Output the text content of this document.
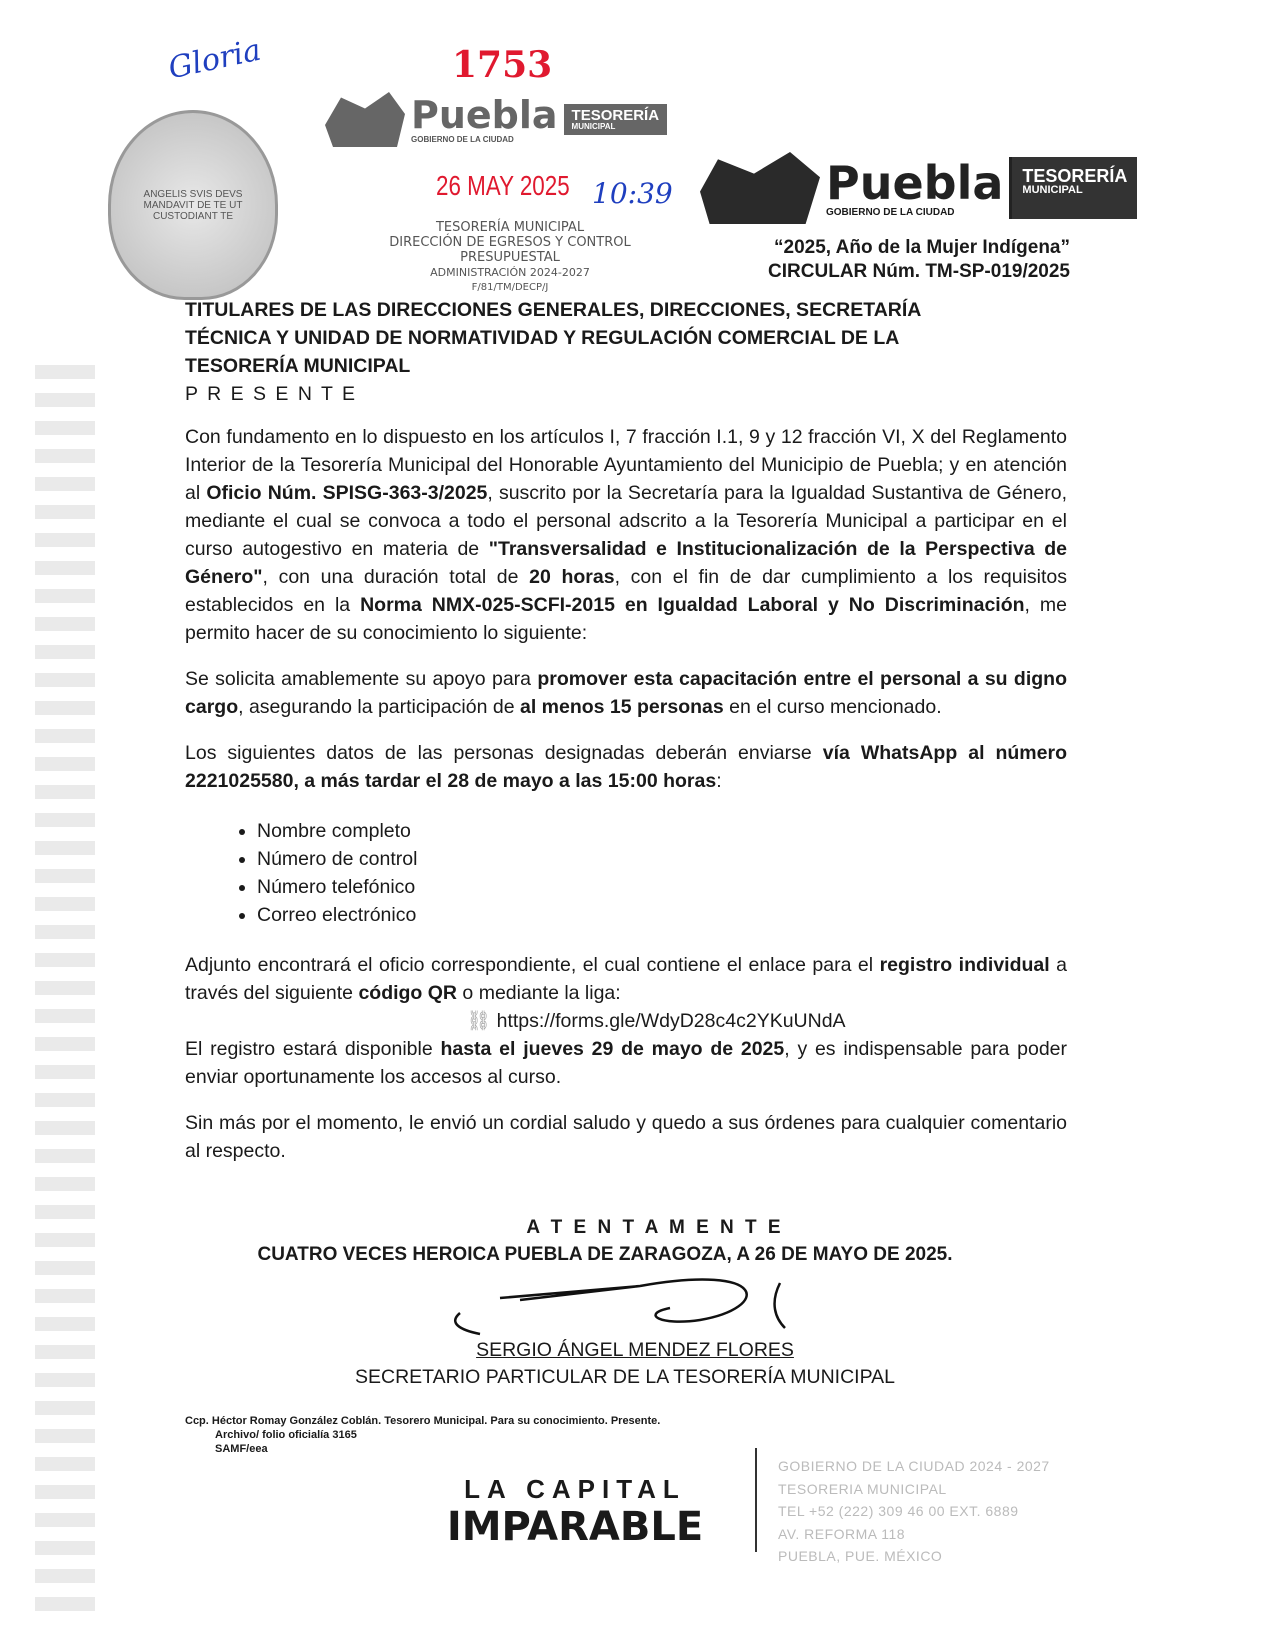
Gloria
ANGELIS SVIS DEVS MANDAVIT DE TE UT CUSTODIANT TE
1753
Puebla
GOBIERNO DE LA CIUDAD
TESORERÍA
MUNICIPAL
26 MAY 2025 10:39
TESORERÍA MUNICIPAL
DIRECCIÓN DE EGRESOS Y CONTROL
PRESUPUESTAL
ADMINISTRACIÓN 2024-2027
F/81/TM/DECP/J
Puebla
GOBIERNO DE LA CIUDAD
TESORERÍA
MUNICIPAL
“2025, Año de la Mujer Indígena”
CIRCULAR Núm. TM-SP-019/2025
TITULARES DE LAS DIRECCIONES GENERALES, DIRECCIONES, SECRETARÍA TÉCNICA Y UNIDAD DE NORMATIVIDAD Y REGULACIÓN COMERCIAL DE LA TESORERÍA MUNICIPAL
P R E S E N T E

Con fundamento en lo dispuesto en los artículos I, 7 fracción I.1, 9 y 12 fracción VI, X del Reglamento Interior de la Tesorería Municipal del Honorable Ayuntamiento del Municipio de Puebla; y en atención al Oficio Núm. SPISG-363-3/2025, suscrito por la Secretaría para la Igualdad Sustantiva de Género, mediante el cual se convoca a todo el personal adscrito a la Tesorería Municipal a participar en el curso autogestivo en materia de "Transversalidad e Institucionalización de la Perspectiva de Género", con una duración total de 20 horas, con el fin de dar cumplimiento a los requisitos establecidos en la Norma NMX-025-SCFI-2015 en Igualdad Laboral y No Discriminación, me permito hacer de su conocimiento lo siguiente:

Se solicita amablemente su apoyo para promover esta capacitación entre el personal a su digno cargo, asegurando la participación de al menos 15 personas en el curso mencionado.

Los siguientes datos de las personas designadas deberán enviarse vía WhatsApp al número 2221025580, a más tardar el 28 de mayo a las 15:00 horas:

• Nombre completo
• Número de control
• Número telefónico
• Correo electrónico

Adjunto encontrará el oficio correspondiente, el cual contiene el enlace para el registro individual a través del siguiente código QR o mediante la liga:

⛓ https://forms.gle/WdyD28c4c2YKuUNdA

El registro estará disponible hasta el jueves 29 de mayo de 2025, y es indispensable para poder enviar oportunamente los accesos al curso.

Sin más por el momento, le envió un cordial saludo y quedo a sus órdenes para cualquier comentario al respecto.

A T E N T A M E N T E
CUATRO VECES HEROICA PUEBLA DE ZARAGOZA, A 26 DE MAYO DE 2025.
SERGIO ÁNGEL MENDEZ FLORES
SECRETARIO PARTICULAR DE LA TESORERÍA MUNICIPAL
Ccp. Héctor Romay González Coblán. Tesorero Municipal. Para su conocimiento. Presente.
Archivo/ folio oficialía 3165
SAMF/eea
LA CAPITAL
IMPARABLE
GOBIERNO DE LA CIUDAD 2024 - 2027
TESORERIA MUNICIPAL
TEL +52 (222) 309 46 00 EXT. 6889
AV. REFORMA 118
PUEBLA, PUE. MÉXICO
